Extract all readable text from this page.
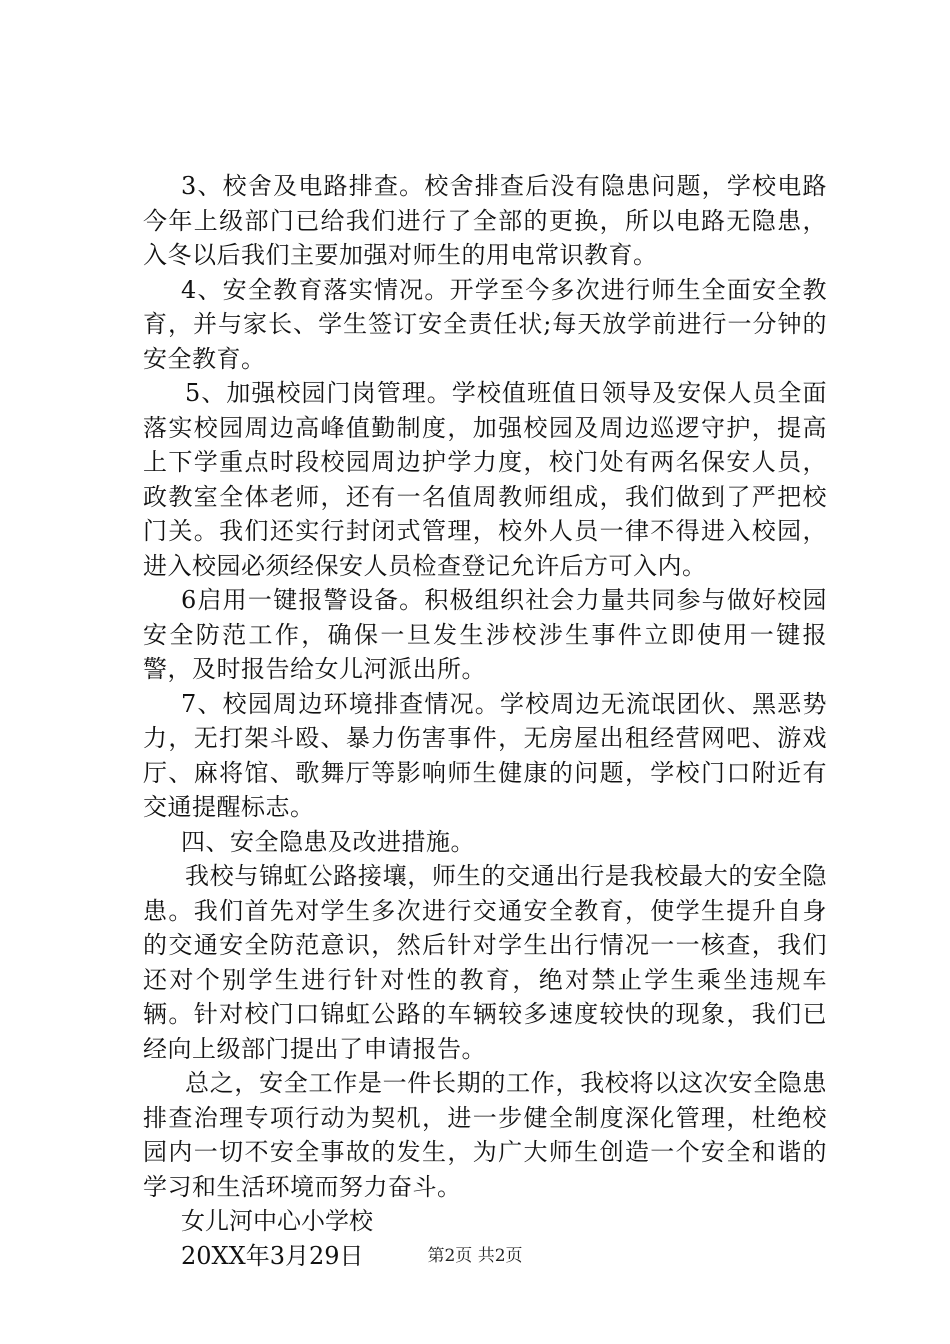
3、校舍及电路排查。校舍排查后没有隐患问题，学校电路今年上级部门已给我们进行了全部的更换，所以电路无隐患，入冬以后我们主要加强对师生的用电常识教育。

4、安全教育落实情况。开学至今多次进行师生全面安全教育，并与家长、学生签订安全责任状;每天放学前进行一分钟的安全教育。

5、加强校园门岗管理。学校值班值日领导及安保人员全面落实校园周边高峰值勤制度，加强校园及周边巡逻守护，提高上下学重点时段校园周边护学力度，校门处有两名保安人员，政教室全体老师，还有一名值周教师组成，我们做到了严把校门关。我们还实行封闭式管理，校外人员一律不得进入校园，进入校园必须经保安人员检查登记允许后方可入内。

6启用一键报警设备。积极组织社会力量共同参与做好校园安全防范工作，确保一旦发生涉校涉生事件立即使用一键报警，及时报告给女儿河派出所。

7、校园周边环境排查情况。学校周边无流氓团伙、黑恶势力，无打架斗殴、暴力伤害事件，无房屋出租经营网吧、游戏厅、麻将馆、歌舞厅等影响师生健康的问题，学校门口附近有交通提醒标志。

四、安全隐患及改进措施。

我校与锦虹公路接壤，师生的交通出行是我校最大的安全隐患。我们首先对学生多次进行交通安全教育，使学生提升自身的交通安全防范意识，然后针对学生出行情况一一核查，我们还对个别学生进行针对性的教育，绝对禁止学生乘坐违规车辆。针对校门口锦虹公路的车辆较多速度较快的现象，我们已经向上级部门提出了申请报告。

总之，安全工作是一件长期的工作，我校将以这次安全隐患排查治理专项行动为契机，进一步健全制度深化管理，杜绝校园内一切不安全事故的发生，为广大师生创造一个安全和谐的学习和生活环境而努力奋斗。

女儿河中心小学校

20XX年3月29日	第2页 共2页
